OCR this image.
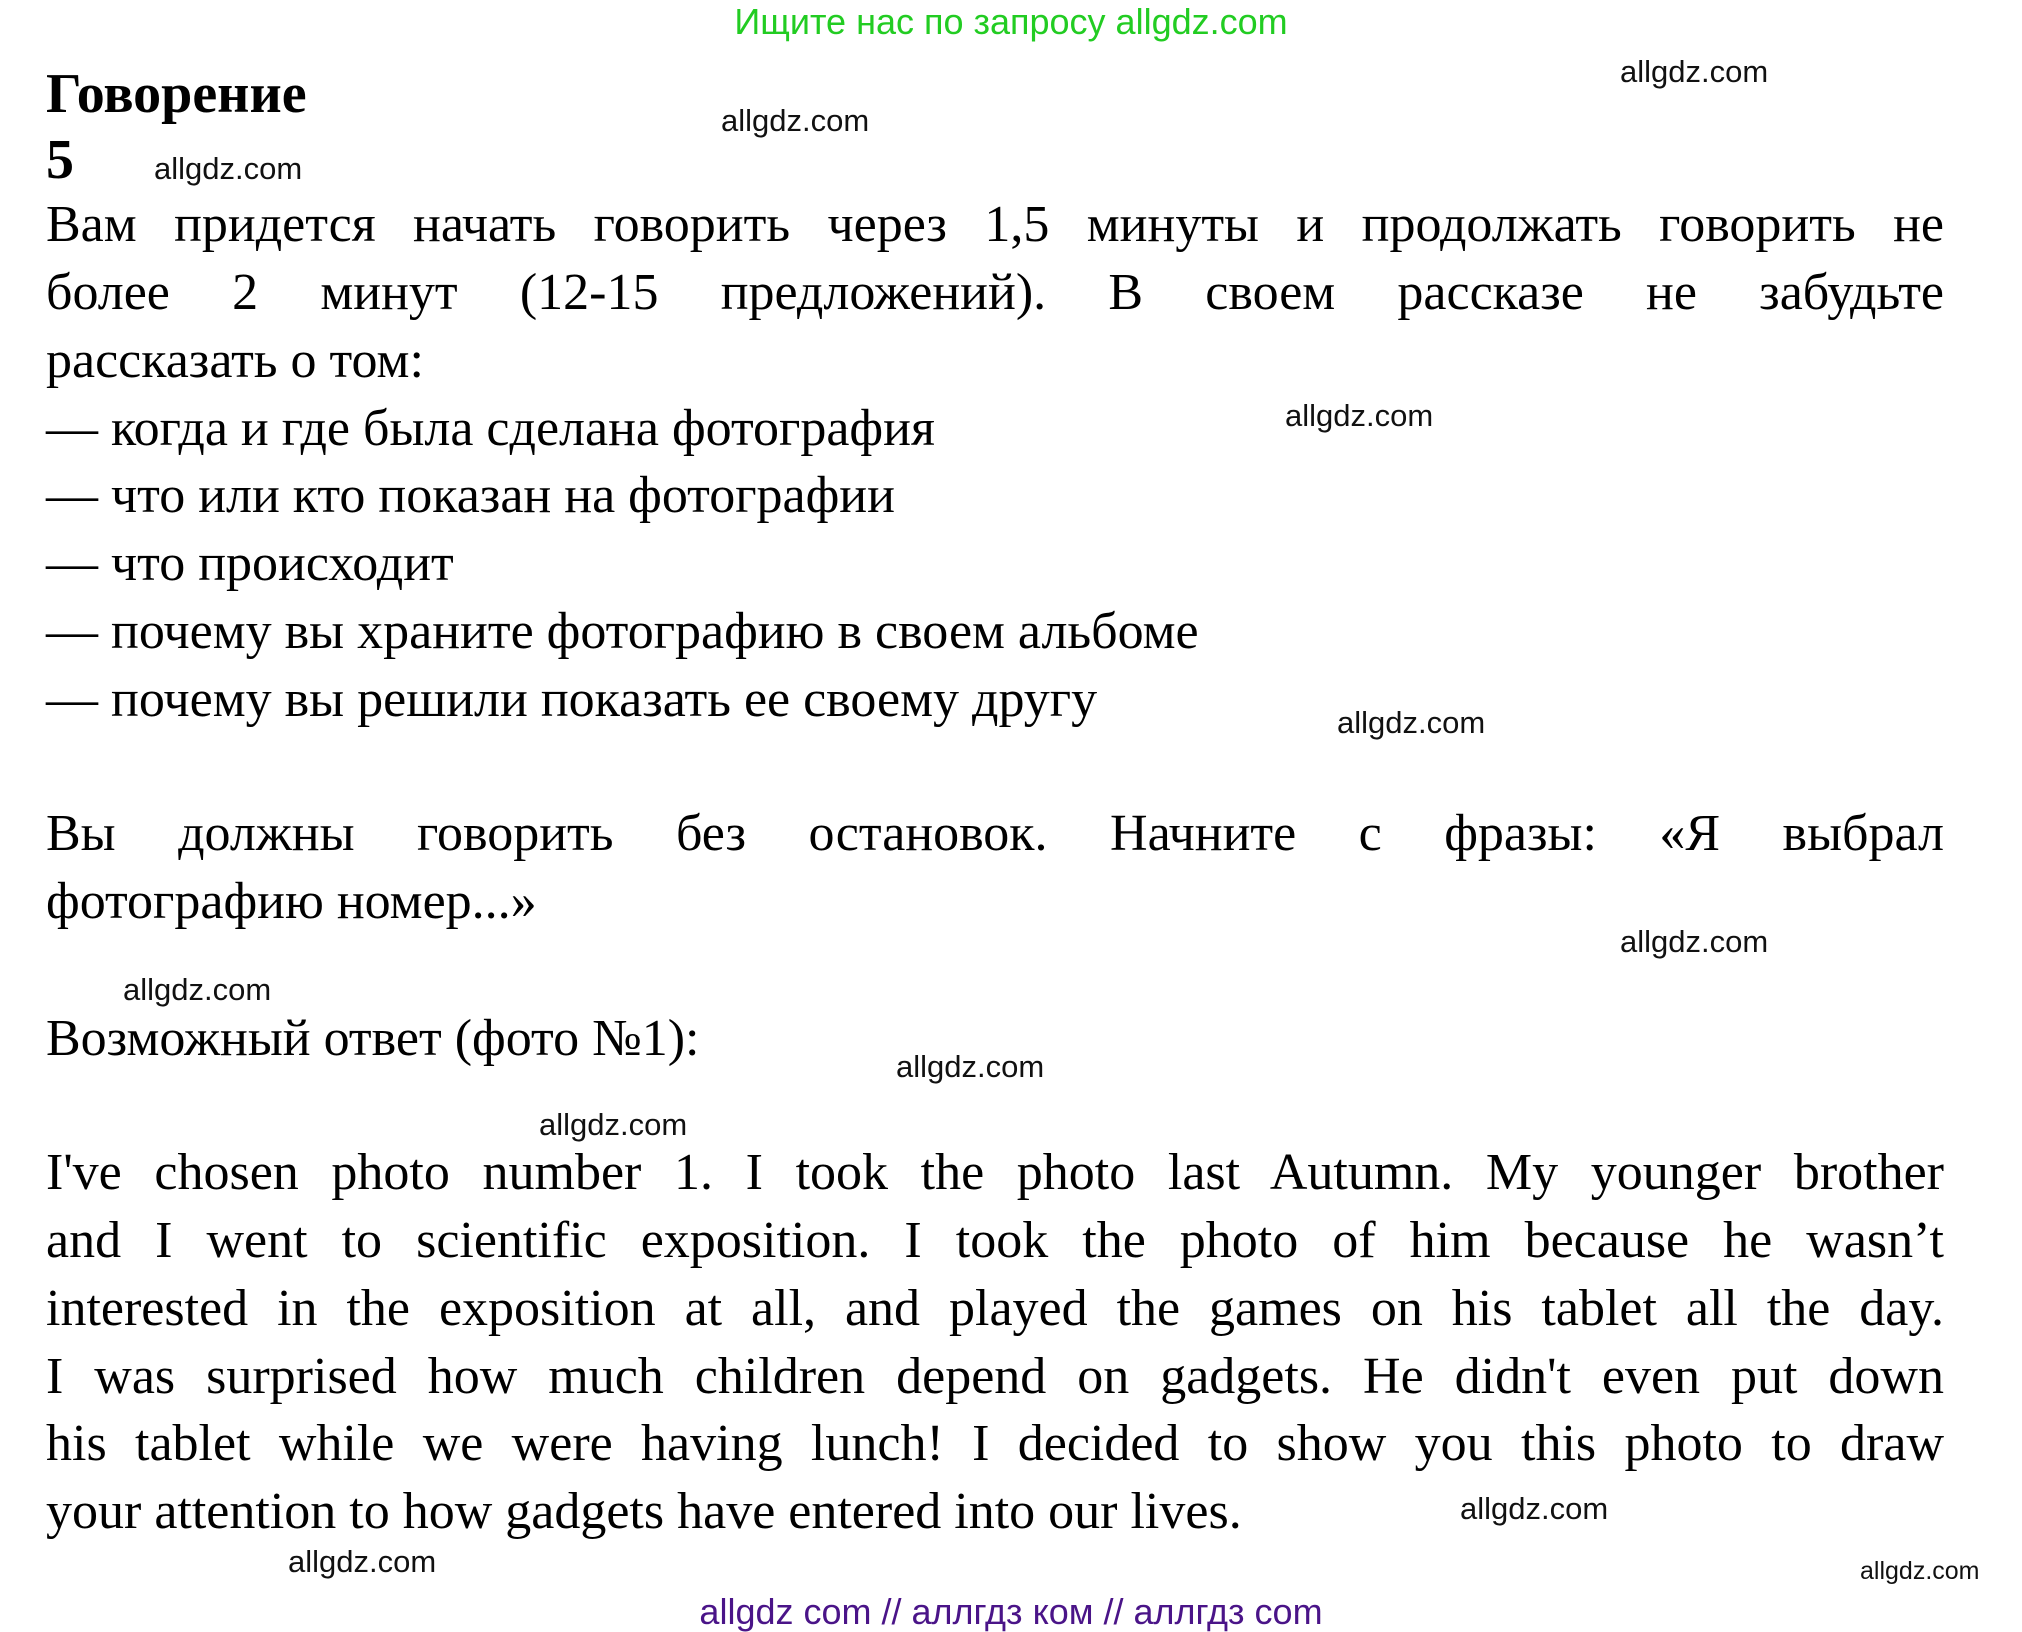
Ищите нас по запросу allgdz.com
Говорение
5
Вам придется начать говорить через 1,5 минуты и продолжать говорить не
более 2 минут (12-15 предложений). В своем рассказе не забудьте
рассказать о том:
— когда и где была сделана фотография
— что или кто показан на фотографии
— что происходит
— почему вы храните фотографию в своем альбоме
— почему вы решили показать ее своему другу
Вы должны говорить без остановок. Начните с фразы: «Я выбрал
фотографию номер...»
Возможный ответ (фото №1):
I've chosen photo number 1. I took the photo last Autumn. My younger brother
and I went to scientific exposition. I took the photo of him because he wasn’t
interested in the exposition at all, and played the games on his tablet all the day.
I was surprised how much children depend on gadgets. He didn't even put down
his tablet while we were having lunch! I decided to show you this photo to draw
your attention to how gadgets have entered into our lives.
allgdz.com
allgdz.com
allgdz.com
allgdz.com
allgdz.com
allgdz.com
allgdz.com
allgdz.com
allgdz.com
allgdz.com
allgdz.com
allgdz.com
allgdz com // аллгдз ком // аллгдз com
